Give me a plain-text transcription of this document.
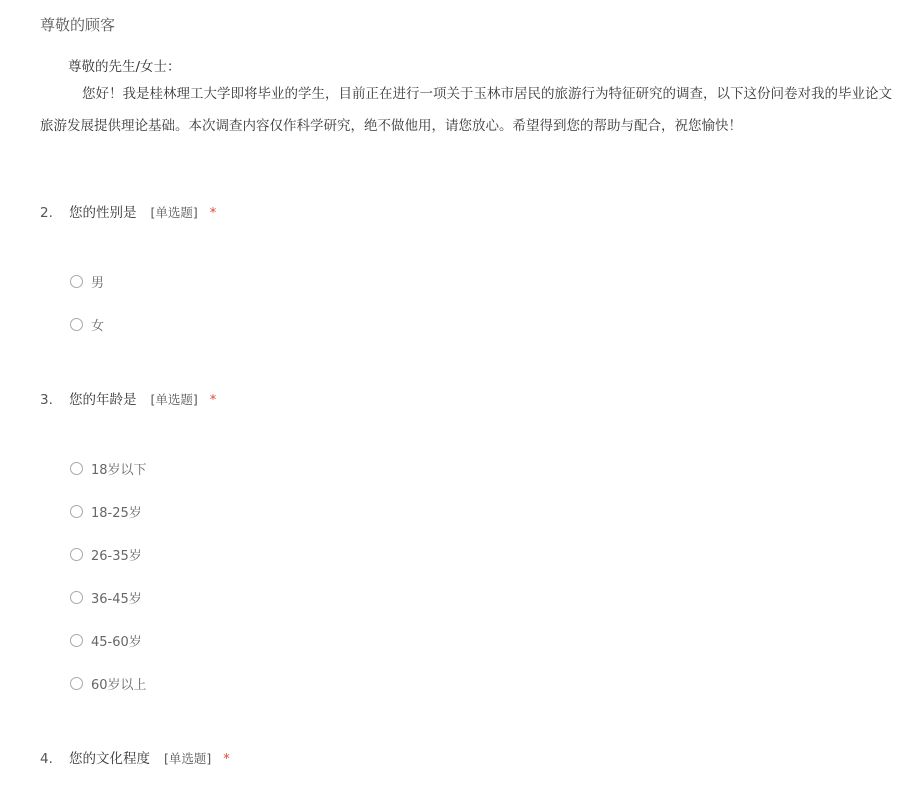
尊敬的顾客
尊敬的先生/女士：
您好！我是桂林理工大学即将毕业的学生，目前正在进行一项关于玉林市居民的旅游行为特征研究的调查，以下这份问卷对我的毕业论文
旅游发展提供理论基础。本次调查内容仅作科学研究，绝不做他用，请您放心。希望得到您的帮助与配合，祝您愉快！
2. 您的性别是 [单选题] *
男
女
3. 您的年龄是 [单选题] *
18岁以下
18-25岁
26-35岁
36-45岁
45-60岁
60岁以上
4. 您的文化程度 [单选题] *
